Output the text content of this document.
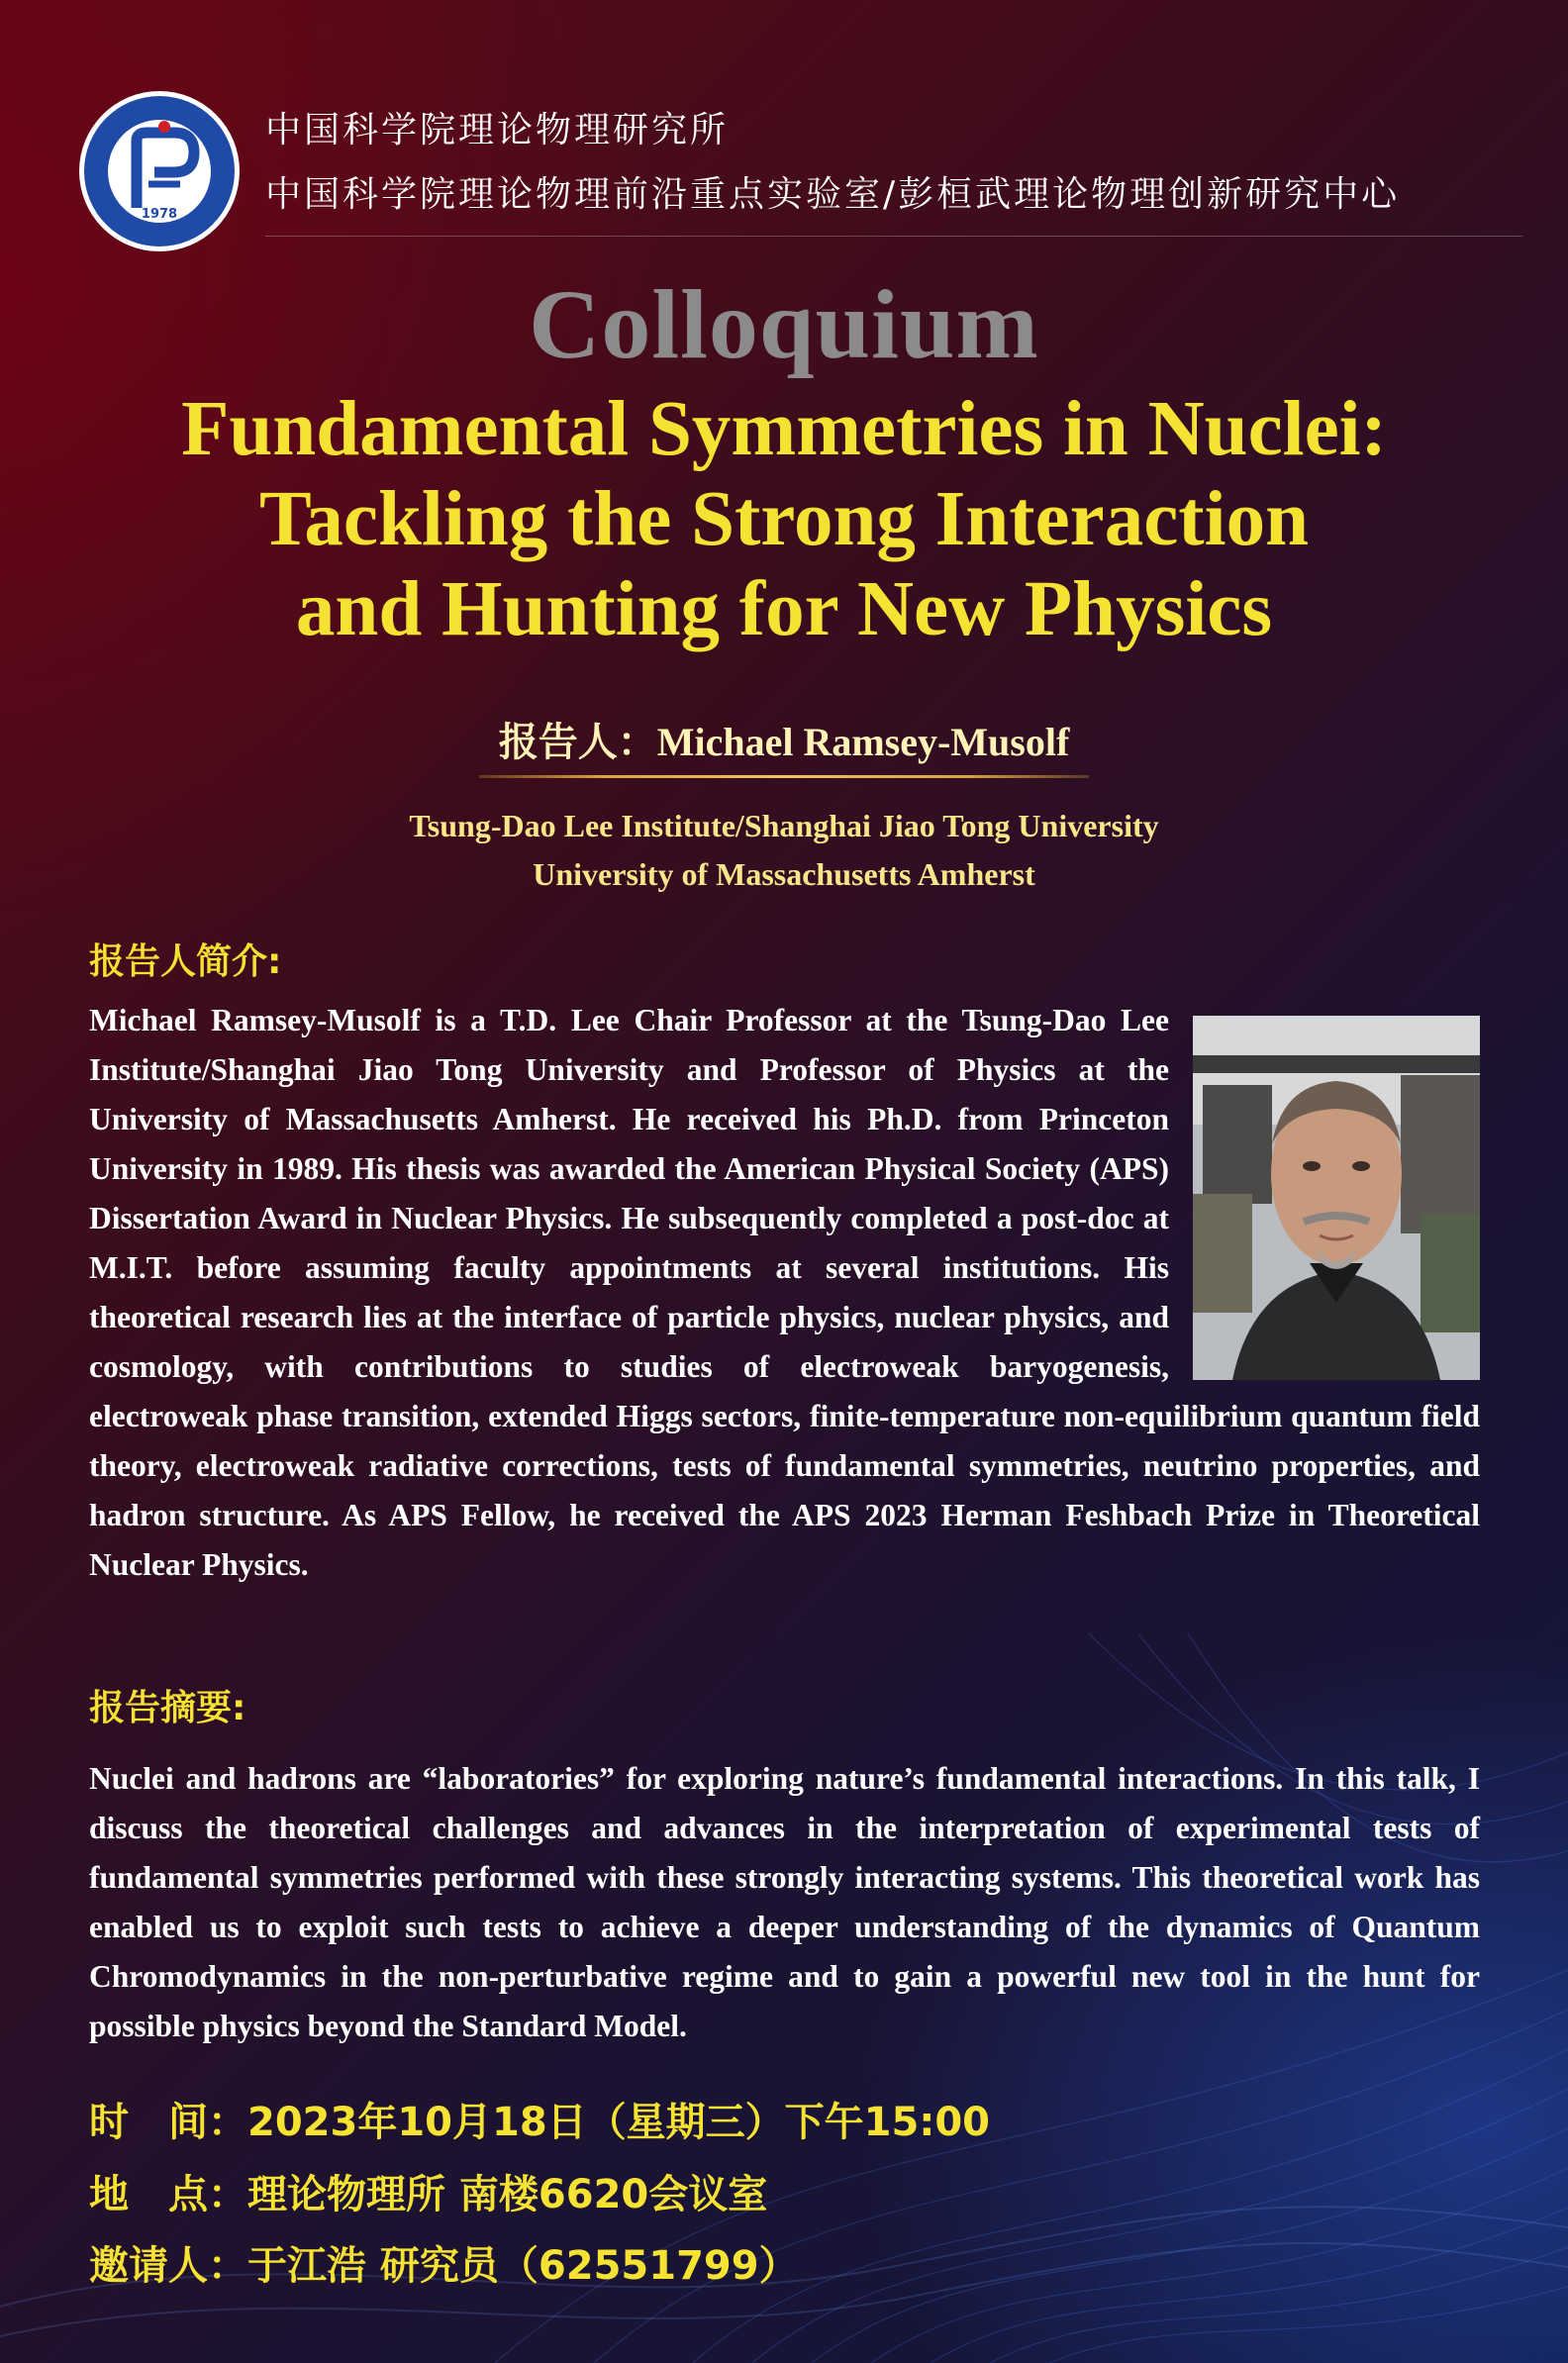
1978
中国科学院理论物理研究所
中国科学院理论物理前沿重点实验室/彭桓武理论物理创新研究中心
Colloquium
Fundamental Symmetries in Nuclei:
Tackling the Strong Interaction
and Hunting for New Physics
报告人：Michael Ramsey-Musolf
Tsung-Dao Lee Institute/Shanghai Jiao Tong University
University of Massachusetts Amherst
报告人简介:
Michael Ramsey-Musolf is a T.D. Lee Chair Professor at the Tsung-Dao Lee Institute/Shanghai Jiao Tong University and Professor of Physics at the University of Massachusetts Amherst. He received his Ph.D. from Princeton University in 1989. His thesis was awarded the American Physical Society (APS) Dissertation Award in Nuclear Physics. He subsequently completed a post-doc at M.I.T. before assuming faculty appointments at several institutions. His theoretical research lies at the interface of particle physics, nuclear physics, and cosmology, with contributions to studies of electroweak baryogenesis, electroweak phase transition, extended Higgs sectors, finite-temperature non-equilibrium quantum field theory, electroweak radiative corrections, tests of fundamental symmetries, neutrino properties, and hadron structure. As APS Fellow, he received the APS 2023 Herman Feshbach Prize in Theoretical Nuclear Physics.
报告摘要:
Nuclei and hadrons are “laboratories” for exploring nature’s fundamental interactions. In this talk, I discuss the theoretical challenges and advances in the interpretation of experimental tests of fundamental symmetries performed with these strongly interacting systems. This theoretical work has enabled us to exploit such tests to achieve a deeper understanding of the dynamics of Quantum Chromodynamics in the non-perturbative regime and to gain a powerful new tool in the hunt for possible physics beyond the Standard Model.
时　间：2023年10月18日（星期三）下午15:00
地　点：理论物理所 南楼6620会议室
邀请人：于江浩 研究员（62551799）
